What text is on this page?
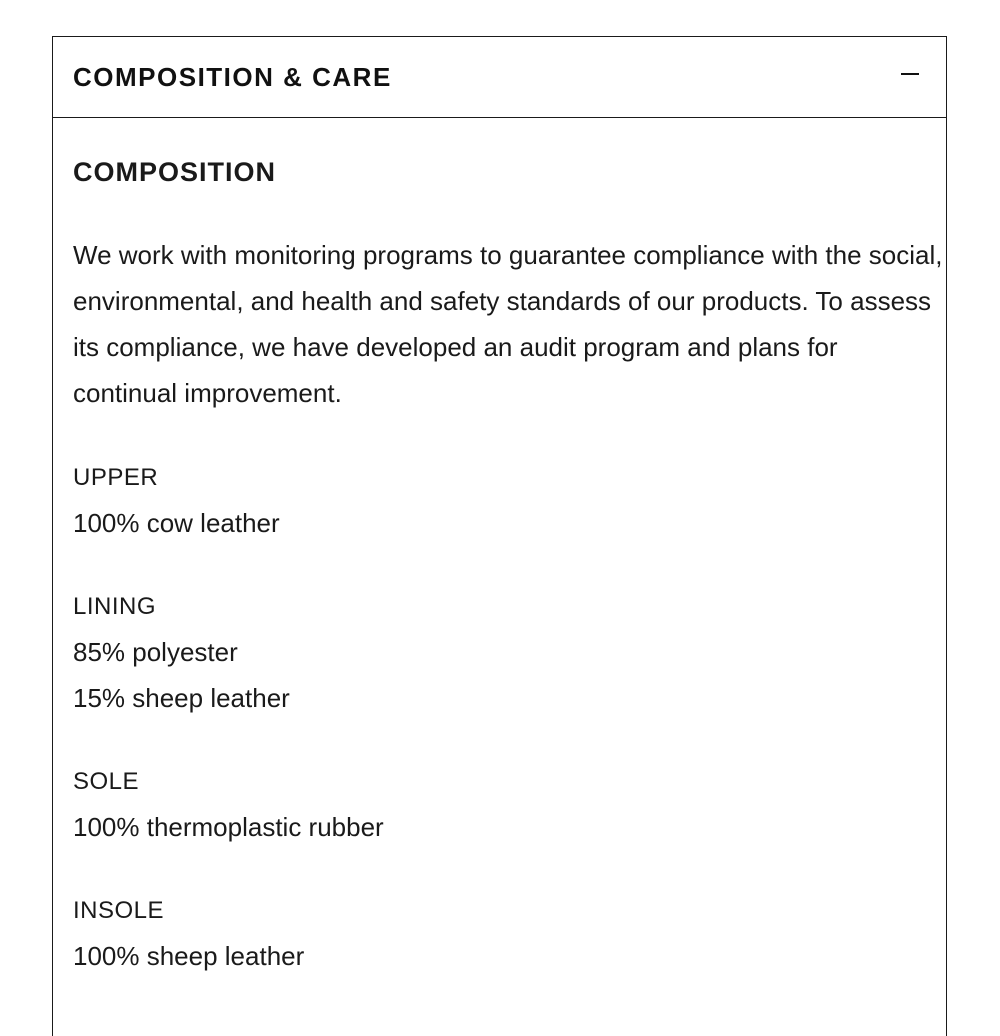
COMPOSITION & CARE
COMPOSITION

We work with monitoring programs to guarantee compliance with the social, environmental, and health and safety standards of our products. To assess its compliance, we have developed an audit program and plans for continual improvement.

UPPER
100% cow leather
LINING
85% polyester
15% sheep leather
SOLE
100% thermoplastic rubber
INSOLE
100% sheep leather
